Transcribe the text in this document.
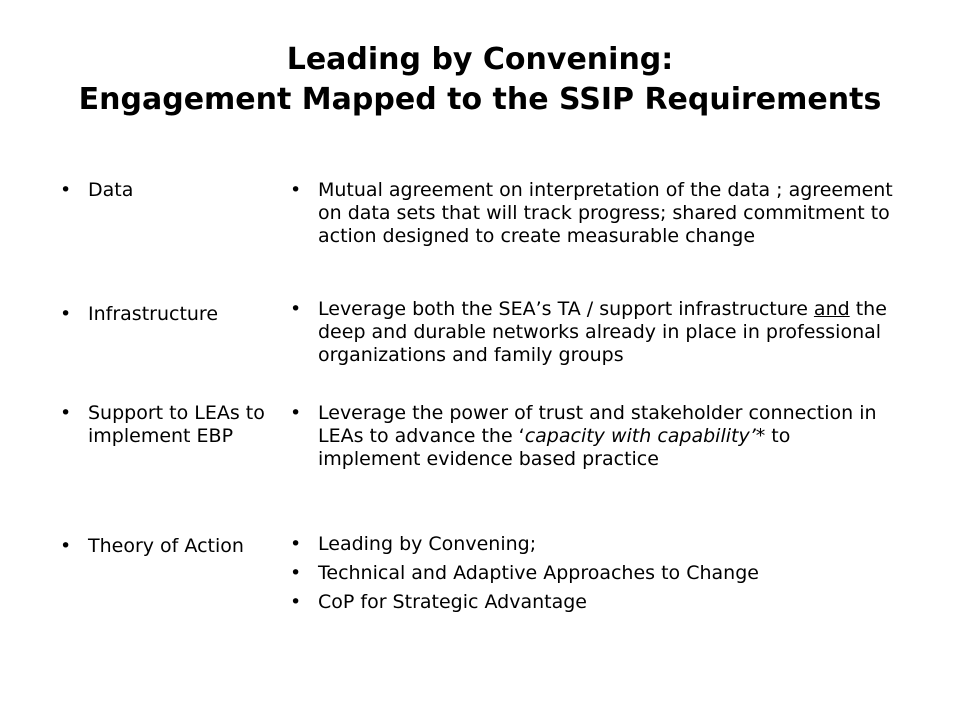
Leading by Convening:
Engagement Mapped to the SSIP Requirements
• Data
• Infrastructure
• Support to LEAs to implement EBP
• Theory of Action
• Mutual agreement on interpretation of the data ; agreement on data sets that will track progress; shared commitment to action designed to create measurable change
• Leverage both the SEA’s TA / support infrastructure and the deep and durable networks already in place in professional organizations and family groups
• Leverage the power of trust and stakeholder connection in LEAs to advance the ‘capacity with capability’* to implement evidence based practice
• Leading by Convening;
• Technical and Adaptive Approaches to Change
• CoP for Strategic Advantage
